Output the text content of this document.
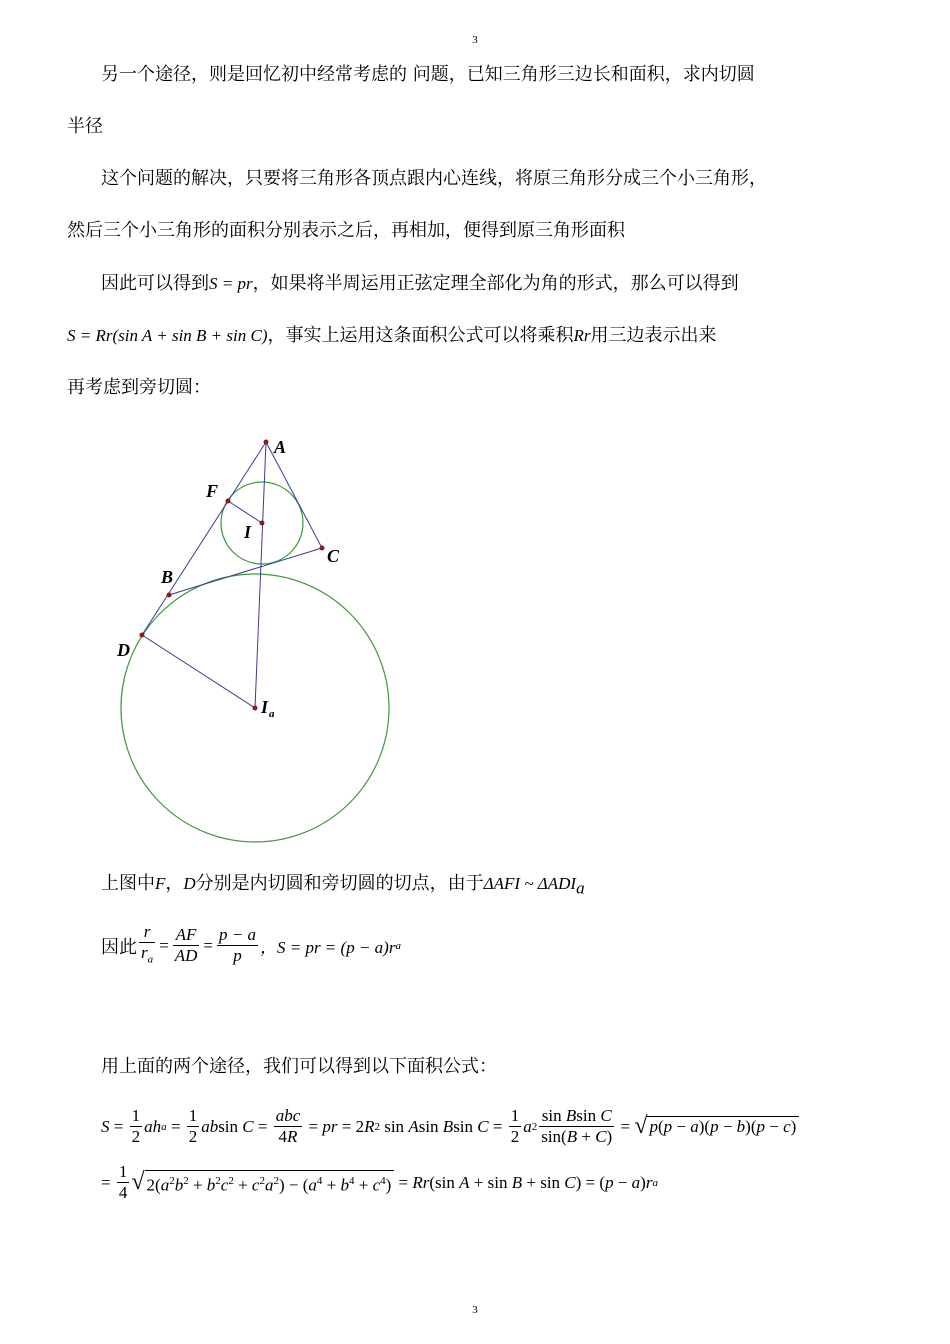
3
另一个途径，则是回忆初中经常考虑的 问题，已知三角形三边长和面积，求内切圆
半径
这个问题的解决，只要将三角形各顶点跟内心连线，将原三角形分成三个小三角形，
然后三个小三角形的面积分别表示之后，再相加，便得到原三角形面积
因此可以得到S = pr，如果将半周运用正弦定理全部化为角的形式，那么可以得到
S = Rr(sin A + sin B + sin C)，事实上运用这条面积公式可以将乘积Rr用三边表示出来
再考虑到旁切圆：
A
F
I
C
B
D
I a
上图中F，D分别是内切圆和旁切圆的切点，由于ΔAFI ~ $\Delta ADI_a$
因此 $\frac{r}{r_a} = \frac{AF}{AD} = \frac{p - a}{p}$ ，S = pr = (p − a)r a
用上面的两个途径，我们可以得到以下面积公式：
$S = \frac{1}{2}$ ah $a = \frac{1}{2}$ ab $\sin C = \frac{\text{abc}}{4R}$ = pr = 2 R 2 sin A sin B $\sin C = \frac{1}{2}$ a $2 \frac{\text{sin Bsin C}}{\sin(B + C)}$ = √ p(p − a)(p − b)(p − c)
= $\frac{1}{4}$ √ $2(a^2b^2 + b^2c^2 + c^2a^2) - (a^4 + b^4 + c^4) = Rr$ (sin A + sin B + sin C ) = ( p − a ) r a
3
